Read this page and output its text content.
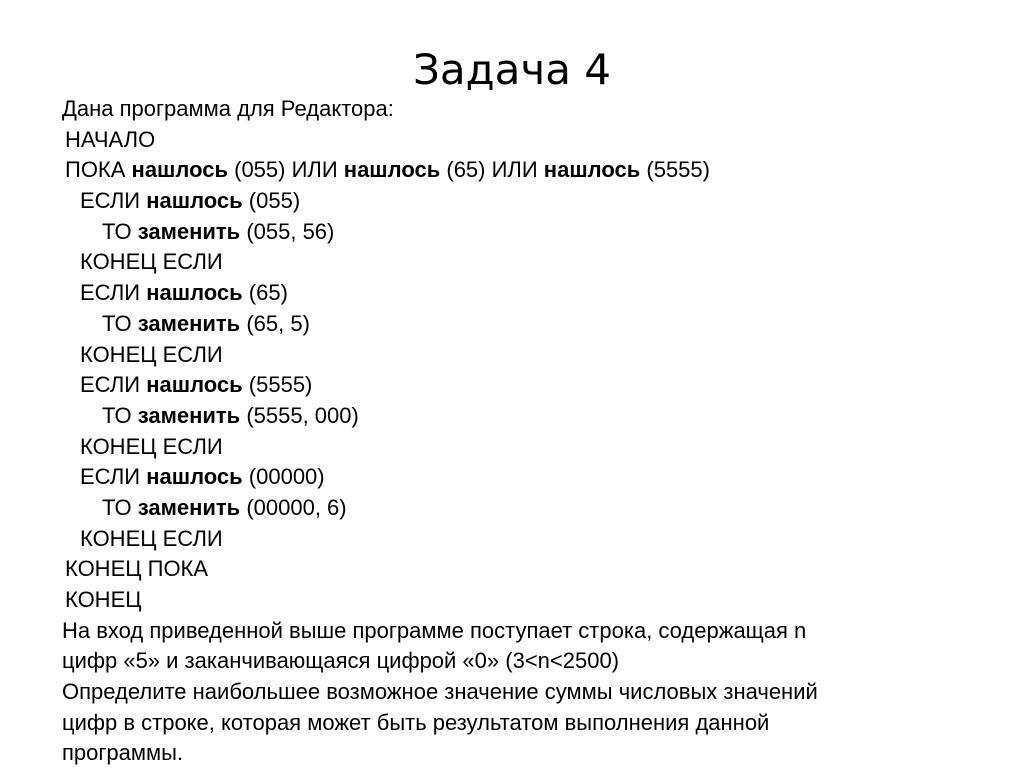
Задача 4
Дана программа для Редактора:
НАЧАЛО
ПОКА нашлось (055) ИЛИ нашлось (65) ИЛИ нашлось (5555)
ЕСЛИ нашлось (055)
ТО заменить (055, 56)
КОНЕЦ ЕСЛИ
ЕСЛИ нашлось (65)
ТО заменить (65, 5)
КОНЕЦ ЕСЛИ
ЕСЛИ нашлось (5555)
ТО заменить (5555, 000)
КОНЕЦ ЕСЛИ
ЕСЛИ нашлось (00000)
ТО заменить (00000, 6)
КОНЕЦ ЕСЛИ
КОНЕЦ ПОКА
КОНЕЦ
На вход приведенной выше программе поступает строка, содержащая n
цифр «5» и заканчивающаяся цифрой «0» (3<n<2500)
Определите наибольшее возможное значение суммы числовых значений
цифр в строке, которая может быть результатом выполнения данной
программы.
